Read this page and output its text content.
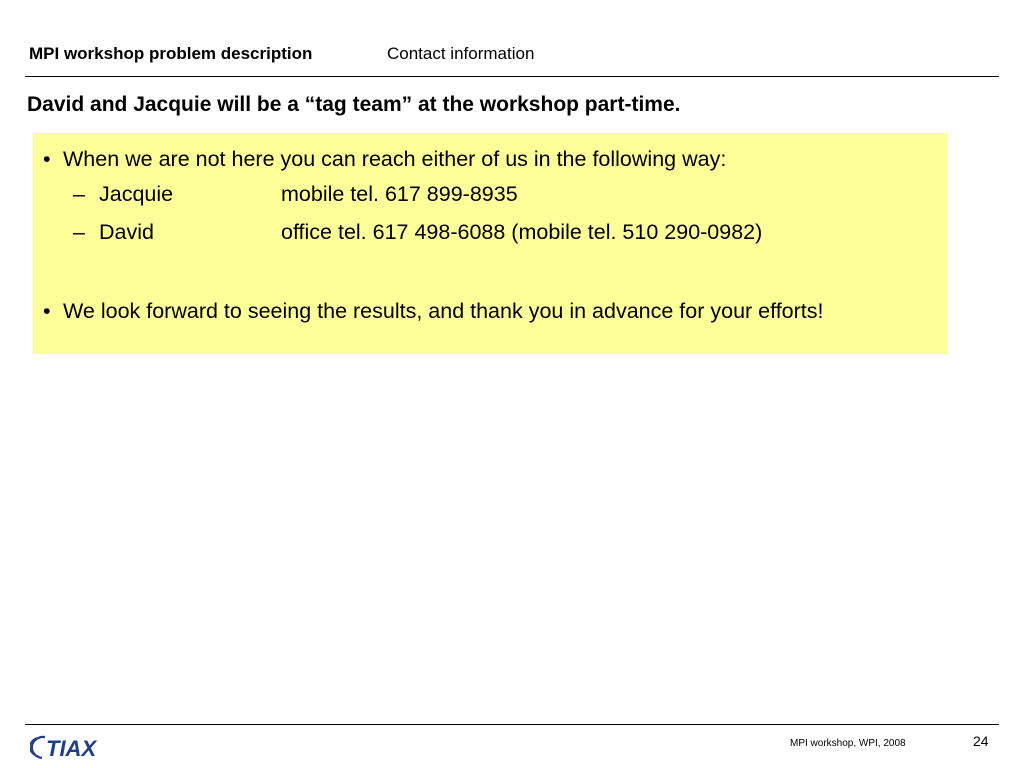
MPI workshop problem description	Contact information
David and Jacquie will be a “tag team” at the workshop part-time.
• When we are not here you can reach either of us in the following way:
– Jacquie	mobile tel. 617 899-8935
– David	office tel. 617 498-6088 (mobile tel. 510 290-0982)
• We look forward to seeing the results, and thank you in advance for your efforts!
TIAX	MPI workshop, WPI, 2008	24
